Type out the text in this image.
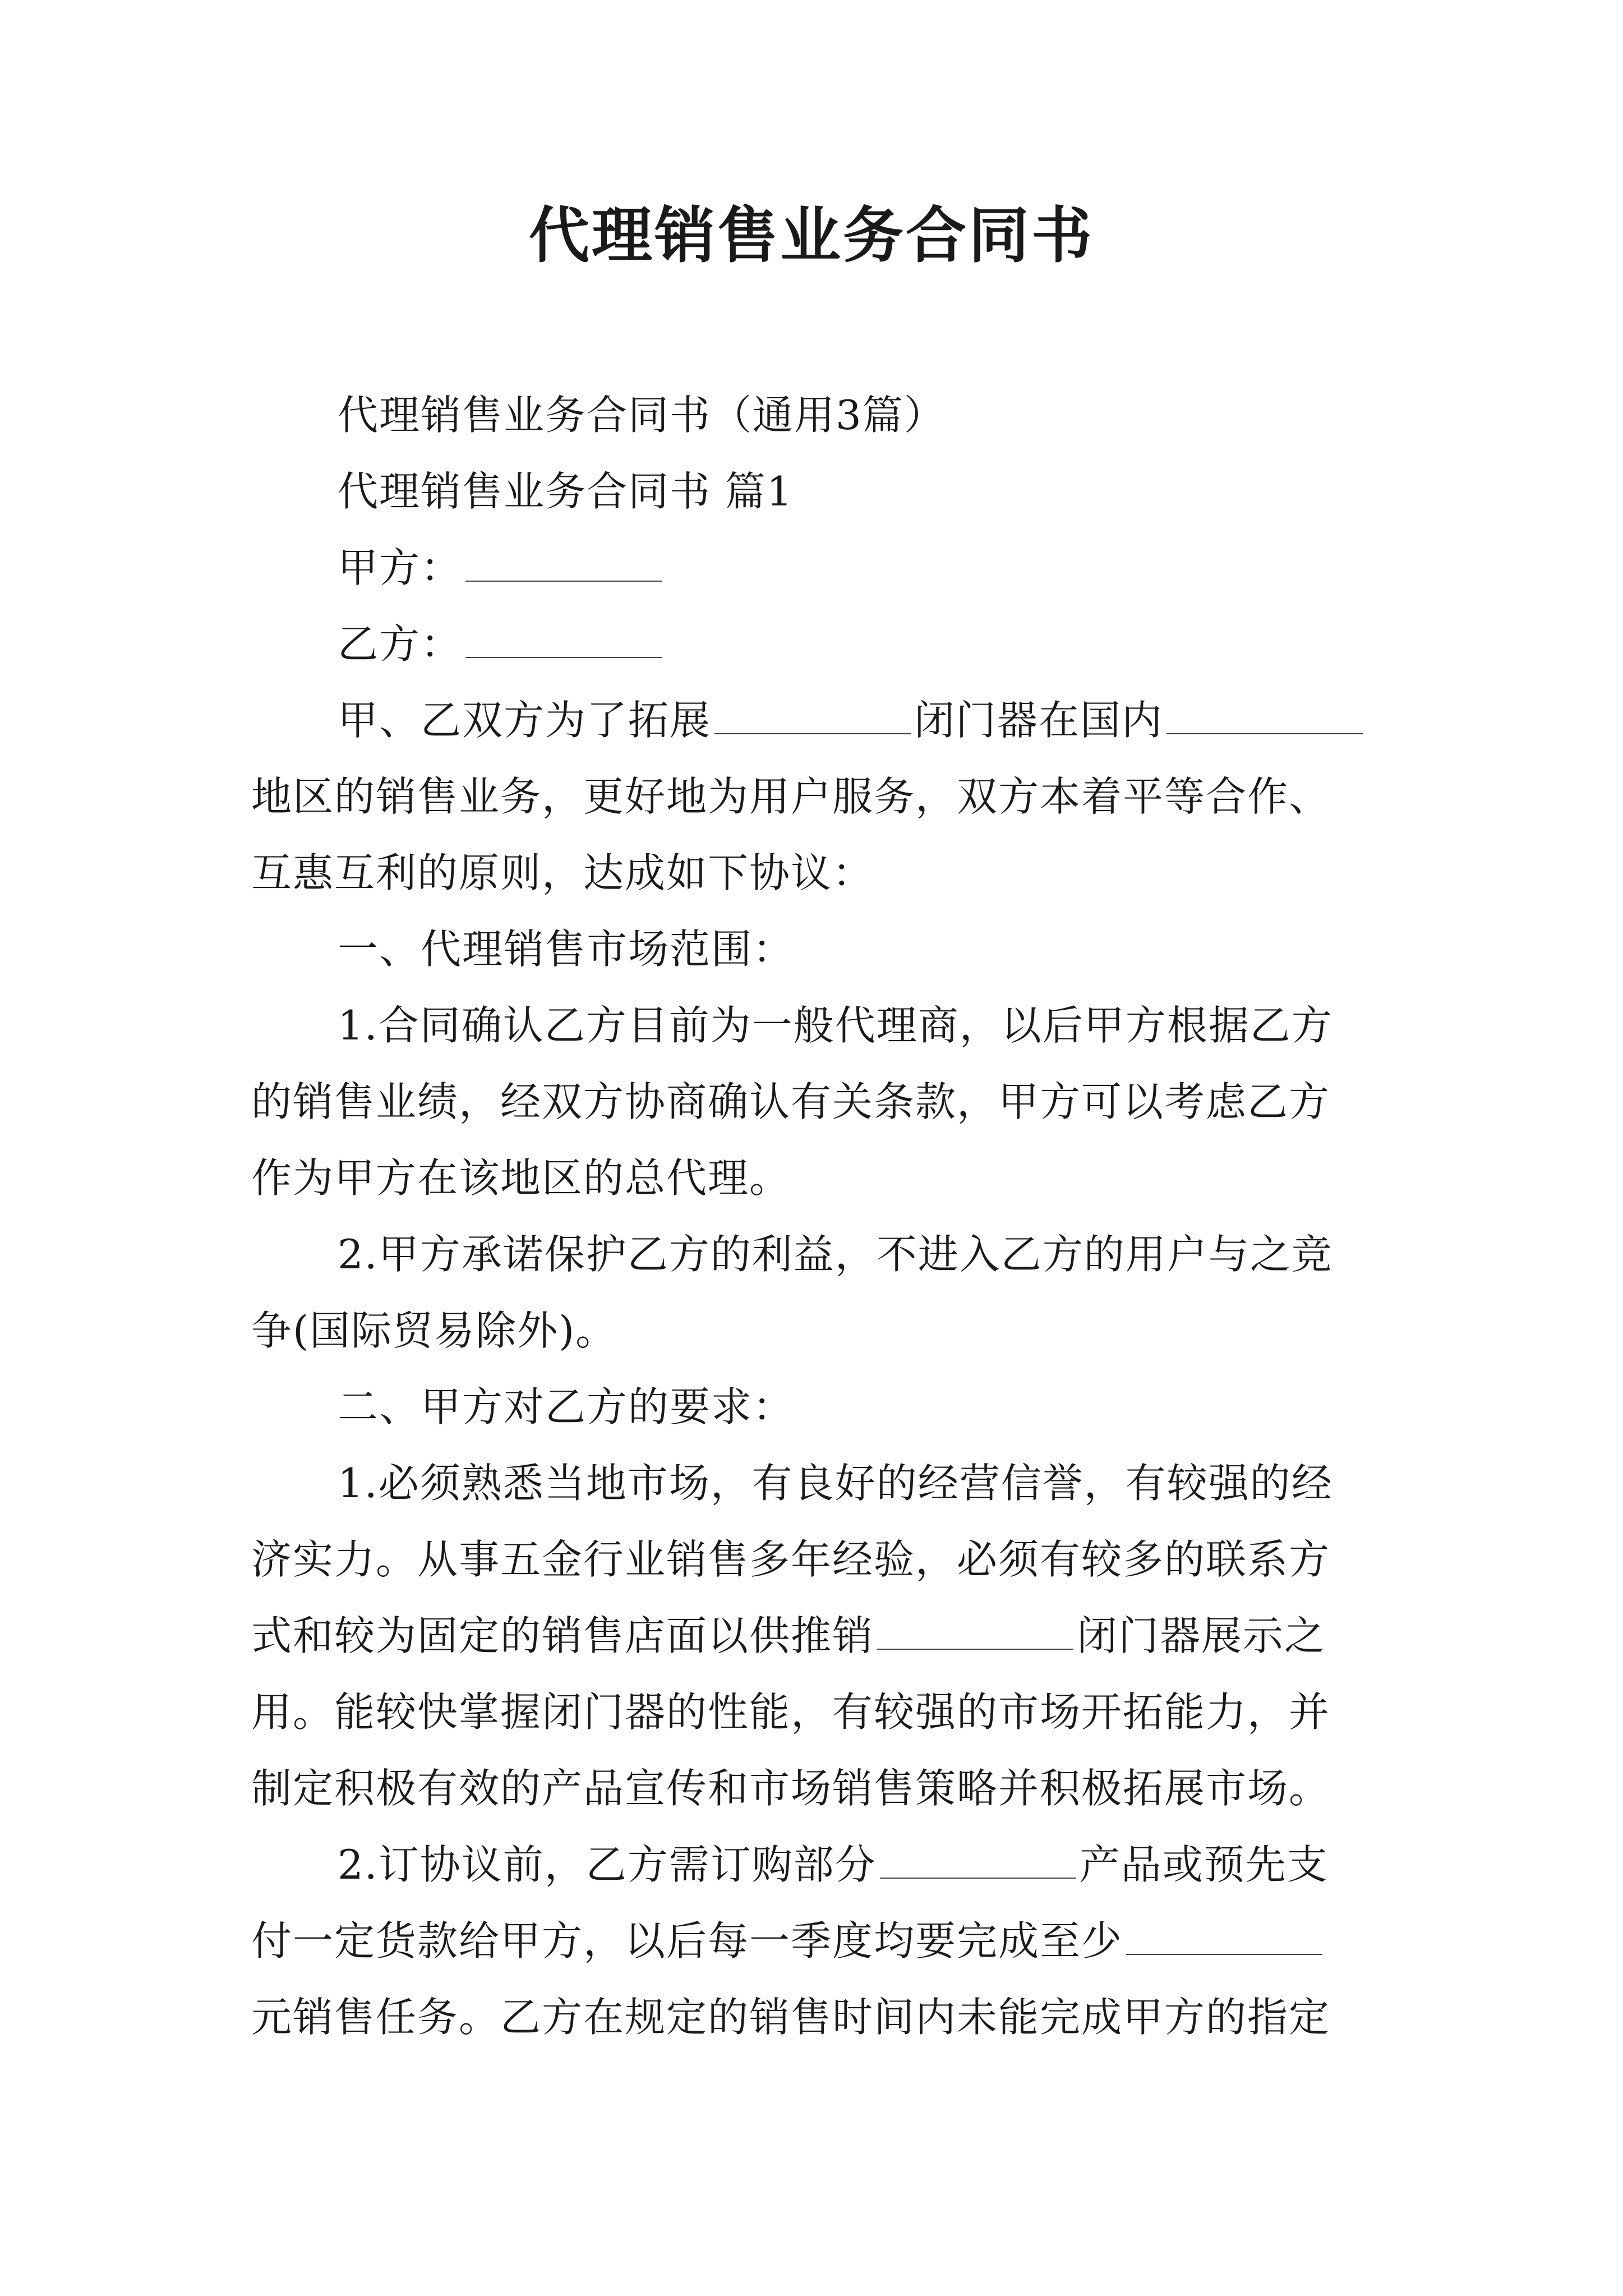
代理销售业务合同书
代理销售业务合同书（通用3篇）
代理销售业务合同书 篇1
甲方：
乙方：
甲、乙双方为了拓展	闭门器在国内
地区的销售业务，更好地为用户服务，双方本着平等合作、
互惠互利的原则，达成如下协议：
一、代理销售市场范围：
1.合同确认乙方目前为一般代理商，以后甲方根据乙方
的销售业绩，经双方协商确认有关条款，甲方可以考虑乙方
作为甲方在该地区的总代理。
2.甲方承诺保护乙方的利益，不进入乙方的用户与之竞
争(国际贸易除外)。
二、甲方对乙方的要求：
1.必须熟悉当地市场，有良好的经营信誉，有较强的经
济实力。从事五金行业销售多年经验，必须有较多的联系方
式和较为固定的销售店面以供推销	闭门器展示之
用。能较快掌握闭门器的性能，有较强的市场开拓能力，并
制定积极有效的产品宣传和市场销售策略并积极拓展市场。
2.订协议前，乙方需订购部分	产品或预先支
付一定货款给甲方，以后每一季度均要完成至少
元销售任务。乙方在规定的销售时间内未能完成甲方的指定
